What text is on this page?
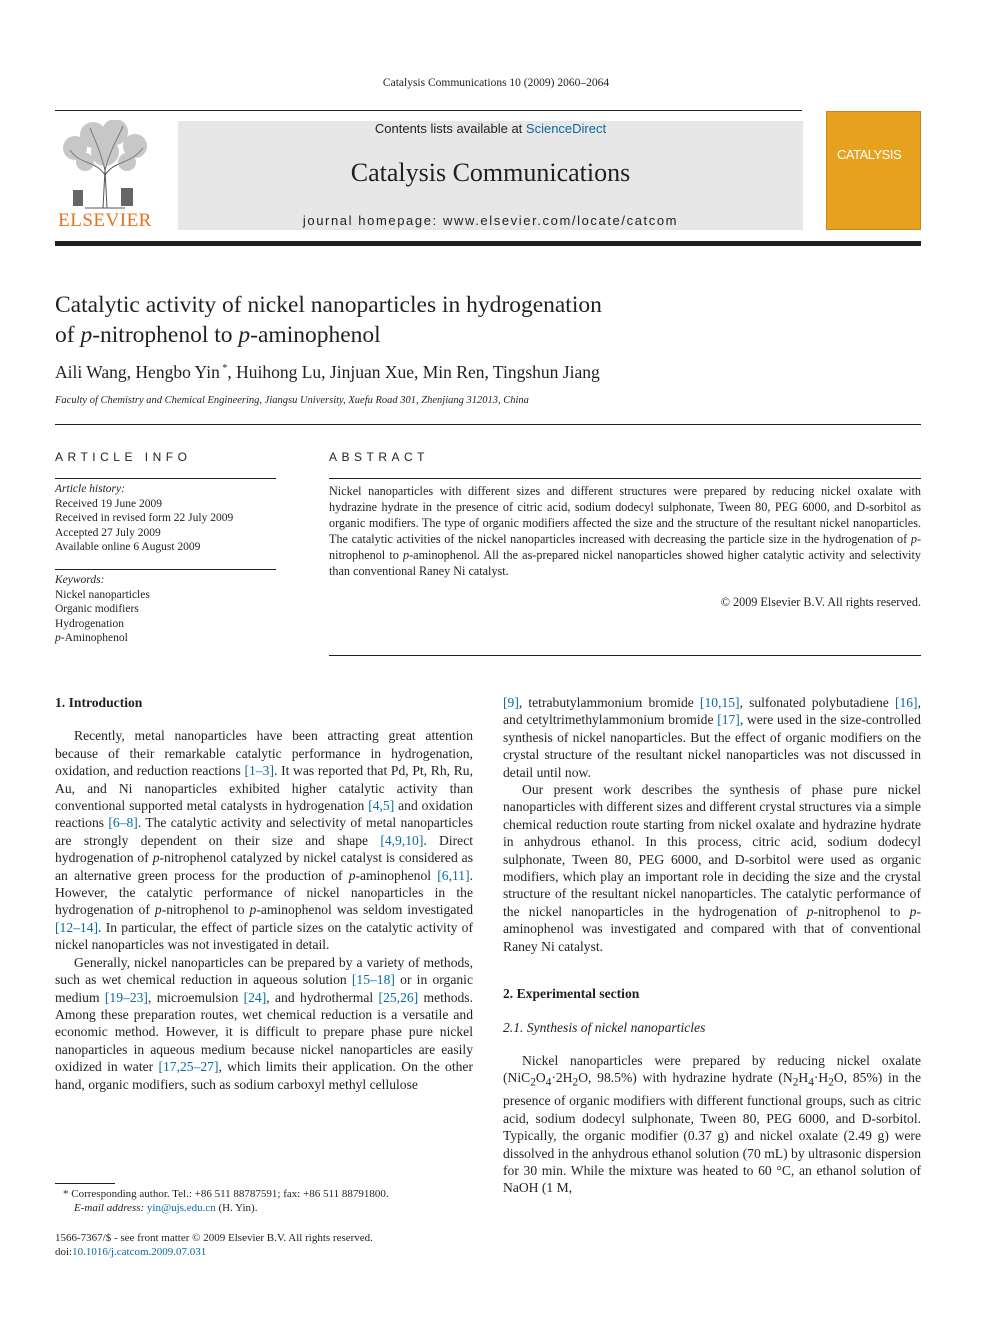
Catalysis Communications 10 (2009) 2060–2064
ELSEVIER
Contents lists available at ScienceDirect
Catalysis Communications
journal homepage: www.elsevier.com/locate/catcom
CATALYSIS
Catalytic activity of nickel nanoparticles in hydrogenation
of p-nitrophenol to p-aminophenol
Aili Wang, Hengbo Yin *, Huihong Lu, Jinjuan Xue, Min Ren, Tingshun Jiang
Faculty of Chemistry and Chemical Engineering, Jiangsu University, Xuefu Road 301, Zhenjiang 312013, China
ARTICLE INFO
Article history:
Received 19 June 2009
Received in revised form 22 July 2009
Accepted 27 July 2009
Available online 6 August 2009
Keywords:
Nickel nanoparticles
Organic modifiers
Hydrogenation
p-Aminophenol
ABSTRACT
Nickel nanoparticles with different sizes and different structures were prepared by reducing nickel oxalate with hydrazine hydrate in the presence of citric acid, sodium dodecyl sulphonate, Tween 80, PEG 6000, and D-sorbitol as organic modifiers. The type of organic modifiers affected the size and the structure of the resultant nickel nanoparticles. The catalytic activities of the nickel nanoparticles increased with decreasing the particle size in the hydrogenation of p-nitrophenol to p-aminophenol. All the as-prepared nickel nanoparticles showed higher catalytic activity and selectivity than conventional Raney Ni catalyst.
© 2009 Elsevier B.V. All rights reserved.
1. Introduction

Recently, metal nanoparticles have been attracting great attention because of their remarkable catalytic performance in hydrogenation, oxidation, and reduction reactions [1–3]. It was reported that Pd, Pt, Rh, Ru, Au, and Ni nanoparticles exhibited higher catalytic activity than conventional supported metal catalysts in hydrogenation [4,5] and oxidation reactions [6–8]. The catalytic activity and selectivity of metal nanoparticles are strongly dependent on their size and shape [4,9,10]. Direct hydrogenation of p-nitrophenol catalyzed by nickel catalyst is considered as an alternative green process for the production of p-aminophenol [6,11]. However, the catalytic performance of nickel nanoparticles in the hydrogenation of p-nitrophenol to p-aminophenol was seldom investigated [12–14]. In particular, the effect of particle sizes on the catalytic activity of nickel nanoparticles was not investigated in detail.

Generally, nickel nanoparticles can be prepared by a variety of methods, such as wet chemical reduction in aqueous solution [15–18] or in organic medium [19–23], microemulsion [24], and hydrothermal [25,26] methods. Among these preparation routes, wet chemical reduction is a versatile and economic method. However, it is difficult to prepare phase pure nickel nanoparticles in aqueous medium because nickel nanoparticles are easily oxidized in water [17,25–27], which limits their application. On the other hand, organic modifiers, such as sodium carboxyl methyl cellulose

[9], tetrabutylammonium bromide [10,15], sulfonated polybutadiene [16], and cetyltrimethylammonium bromide [17], were used in the size-controlled synthesis of nickel nanoparticles. But the effect of organic modifiers on the crystal structure of the resultant nickel nanoparticles was not discussed in detail until now.

Our present work describes the synthesis of phase pure nickel nanoparticles with different sizes and different crystal structures via a simple chemical reduction route starting from nickel oxalate and hydrazine hydrate in anhydrous ethanol. In this process, citric acid, sodium dodecyl sulphonate, Tween 80, PEG 6000, and D-sorbitol were used as organic modifiers, which play an important role in deciding the size and the crystal structure of the resultant nickel nanoparticles. The catalytic performance of the nickel nanoparticles in the hydrogenation of p-nitrophenol to p-aminophenol was investigated and compared with that of conventional Raney Ni catalyst.

2. Experimental section
2.1. Synthesis of nickel nanoparticles

Nickel nanoparticles were prepared by reducing nickel oxalate ($NiC_2O_4\cdot 2H_2O$, 98.5%) with hydrazine hydrate ($N_2H_4\cdot H_2O$, 85%) in the presence of organic modifiers with different functional groups, such as citric acid, sodium dodecyl sulphonate, Tween 80, PEG 6000, and D-sorbitol. Typically, the organic modifier (0.37 g) and nickel oxalate (2.49 g) were dissolved in the anhydrous ethanol solution (70 mL) by ultrasonic dispersion for 30 min. While the mixture was heated to 60 °C, an ethanol solution of NaOH (1 M,

* Corresponding author. Tel.: +86 511 88787591; fax: +86 511 88791800.
E-mail address: yin@ujs.edu.cn (H. Yin).
1566-7367/$ - see front matter © 2009 Elsevier B.V. All rights reserved.
doi:10.1016/j.catcom.2009.07.031
